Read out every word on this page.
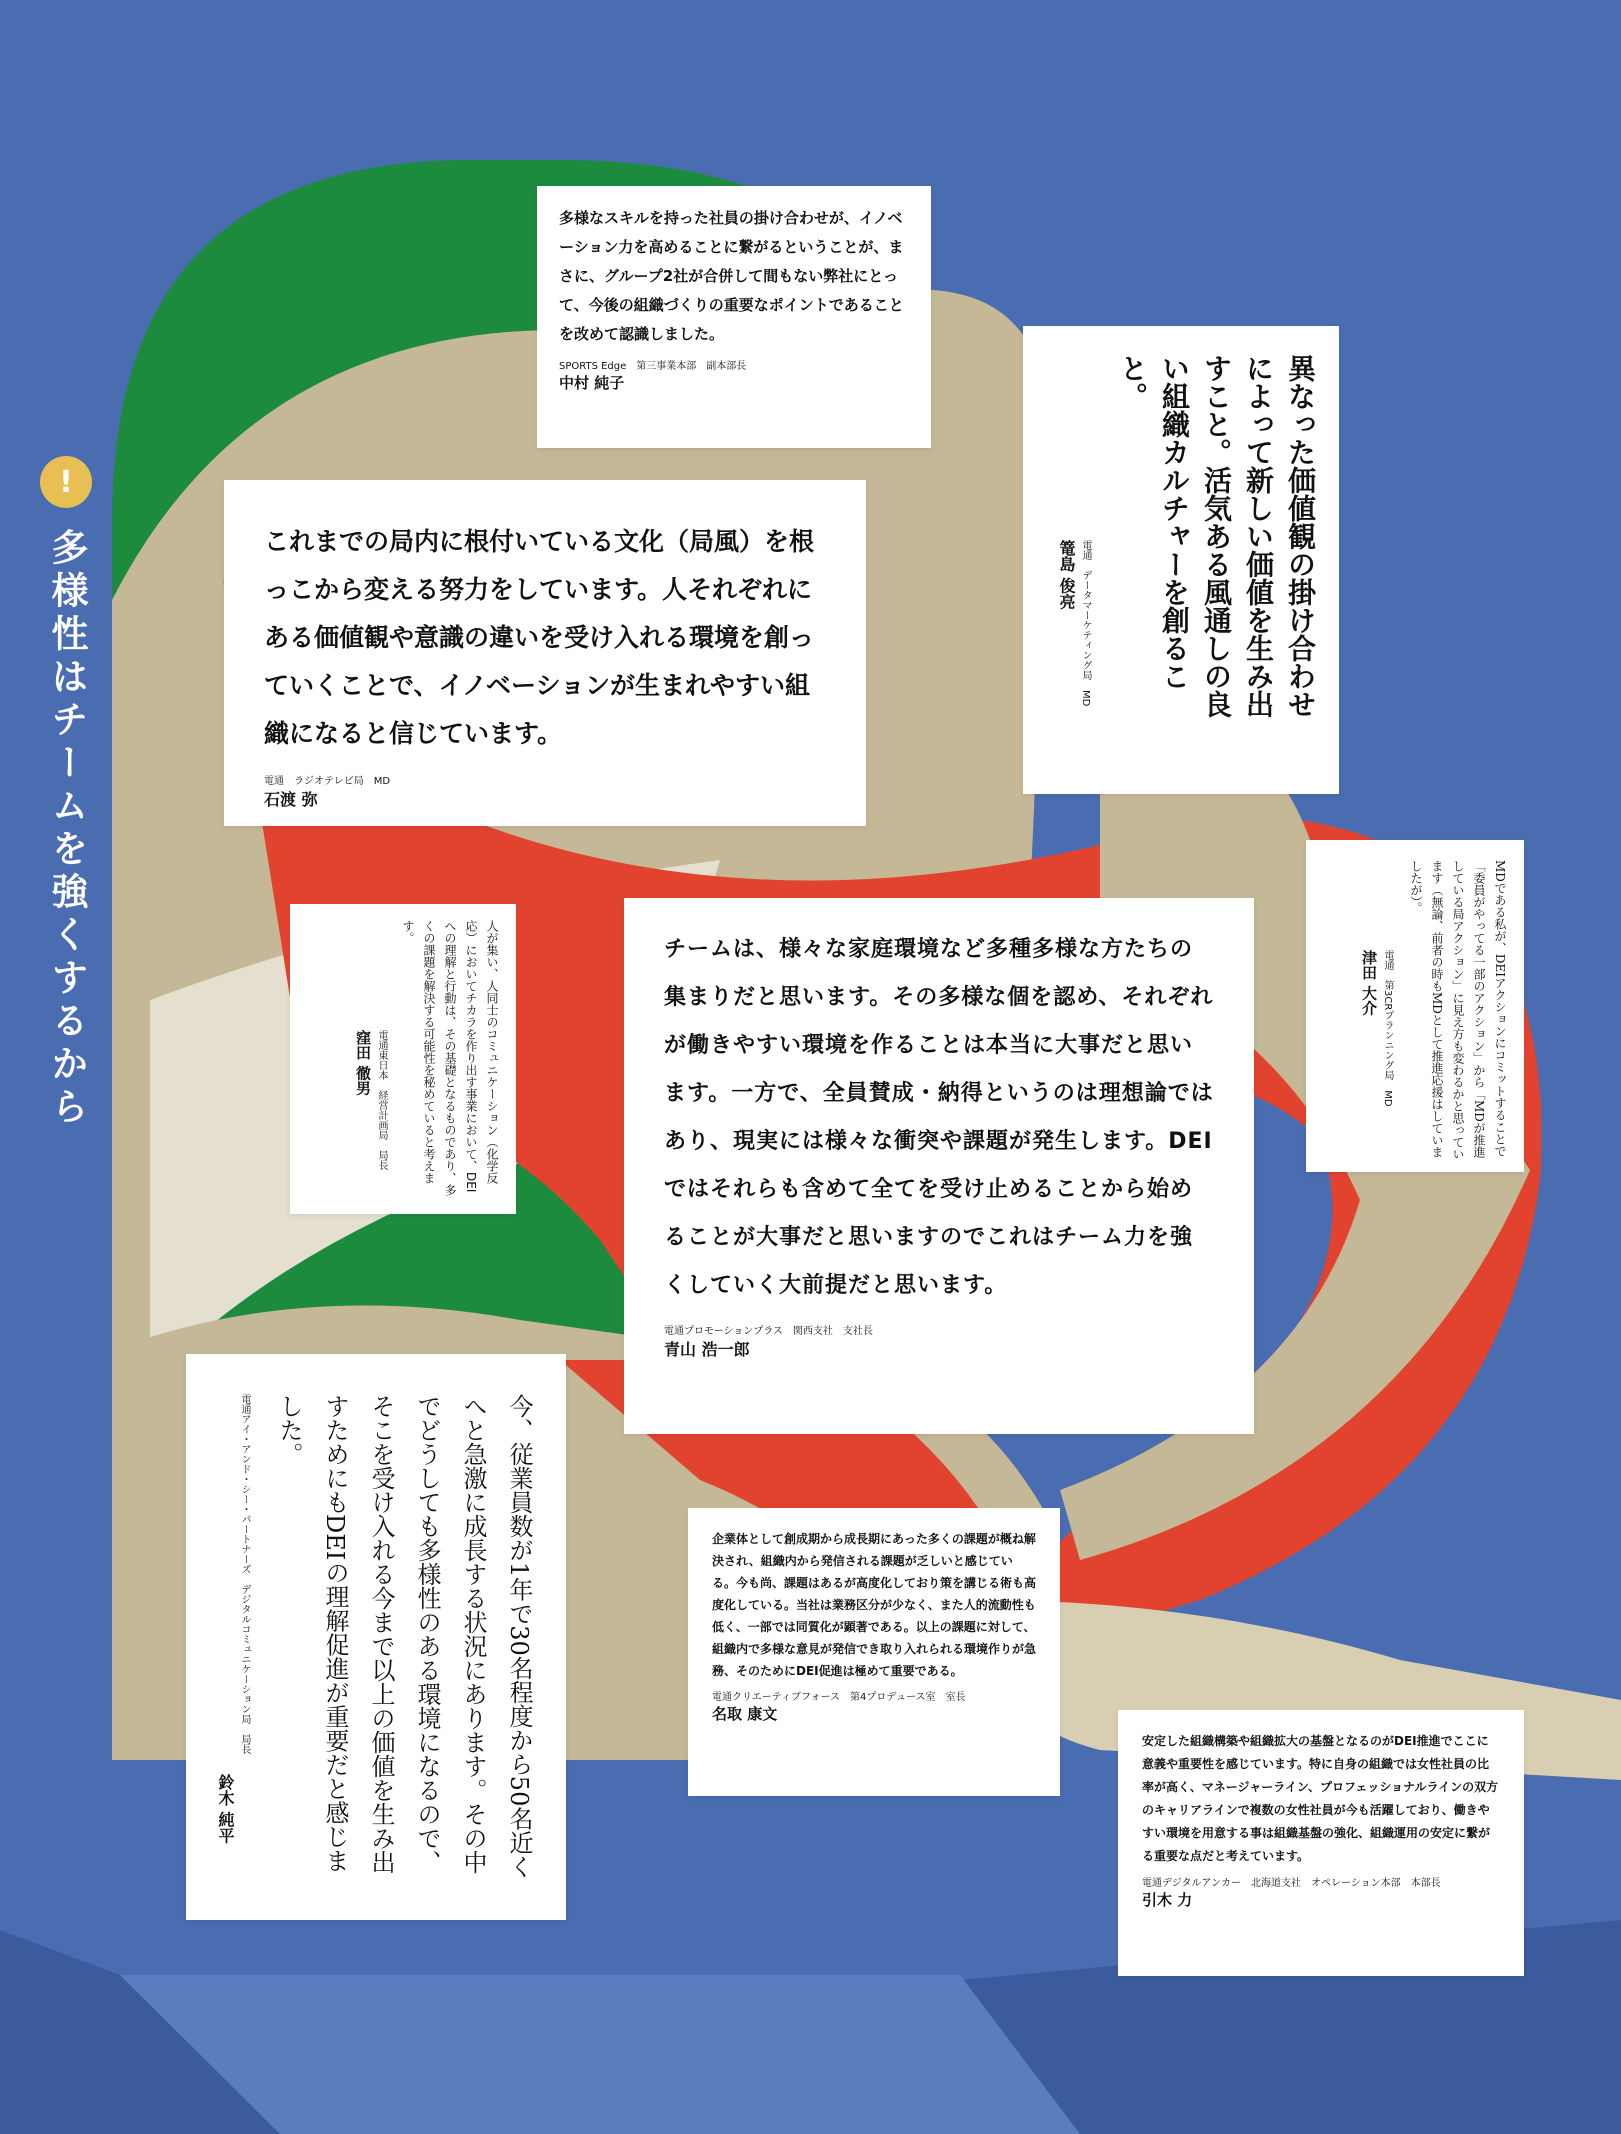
!
多様性はチームを強くするから
多様なスキルを持った社員の掛け合わせが、イノベーション力を高めることに繋がるということが、まさに、グループ2社が合併して間もない弊社にとって、今後の組織づくりの重要なポイントであることを改めて認識しました。
SPORTS Edge　第三事業本部　副本部長
中村 純子	異なった価値観の掛け合わせによって新しい価値を生み出すこと。活気ある風通しの良い組織カルチャーを創ること。
電通　データマーケティング局　MD
篭島 俊亮
これまでの局内に根付いている文化（局風）を根っこから変える努力をしています。人それぞれにある価値観や意識の違いを受け入れる環境を創っていくことで、イノベーションが生まれやすい組織になると信じています。
電通　ラジオテレビ局　MD
石渡 弥
MDである私が、DEIアクションにコミットすることで「委員がやってる一部のアクション」から「MDが推進している局アクション」に見え方も変わるかと思っています（無論、前者の時もMDとして推進応援はしていましたが）。
電通　第3CRプランニング局　MD
津田 大介
人が集い、人同士のコミュニケーション（化学反応）においてチカラを作り出す事業において、DEIへの理解と行動は、その基礎となるものであり、多くの課題を解決する可能性を秘めていると考えます。
電通東日本　経営計画局　局長
窪田 徹男
チームは、様々な家庭環境など多種多様な方たちの集まりだと思います。その多様な個を認め、それぞれが働きやすい環境を作ることは本当に大事だと思います。一方で、全員賛成・納得というのは理想論ではあり、現実には様々な衝突や課題が発生します。DEIではそれらも含めて全てを受け止めることから始めることが大事だと思いますのでこれはチーム力を強くしていく大前提だと思います。
電通プロモーションプラス　関西支社　支社長
青山 浩一郎
今、従業員数が1年で30名程度から50名近くへと急激に成長する状況にあります。その中でどうしても多様性のある環境になるので、そこを受け入れる今まで以上の価値を生み出すためにもDEIの理解促進が重要だと感じました。
電通アイ・アンド・シー・パートナーズ　デジタルコミュニケーション局　局長
鈴木 純平
企業体として創成期から成長期にあった多くの課題が概ね解決され、組織内から発信される課題が乏しいと感じている。今も尚、課題はあるが高度化しており策を講じる術も高度化している。当社は業務区分が少なく、また人的流動性も低く、一部では同質化が顕著である。以上の課題に対して、組織内で多様な意見が発信でき取り入れられる環境作りが急務、そのためにDEI促進は極めて重要である。
電通クリエーティブフォース　第4プロデュース室　室長
名取 康文
安定した組織構築や組織拡大の基盤となるのがDEI推進でここに意義や重要性を感じています。特に自身の組織では女性社員の比率が高く、マネージャーライン、プロフェッショナルラインの双方のキャリアラインで複数の女性社員が今も活躍しており、働きやすい環境を用意する事は組織基盤の強化、組織運用の安定に繋がる重要な点だと考えています。
電通デジタルアンカー　北海道支社　オペレーション本部　本部長
引木 力
